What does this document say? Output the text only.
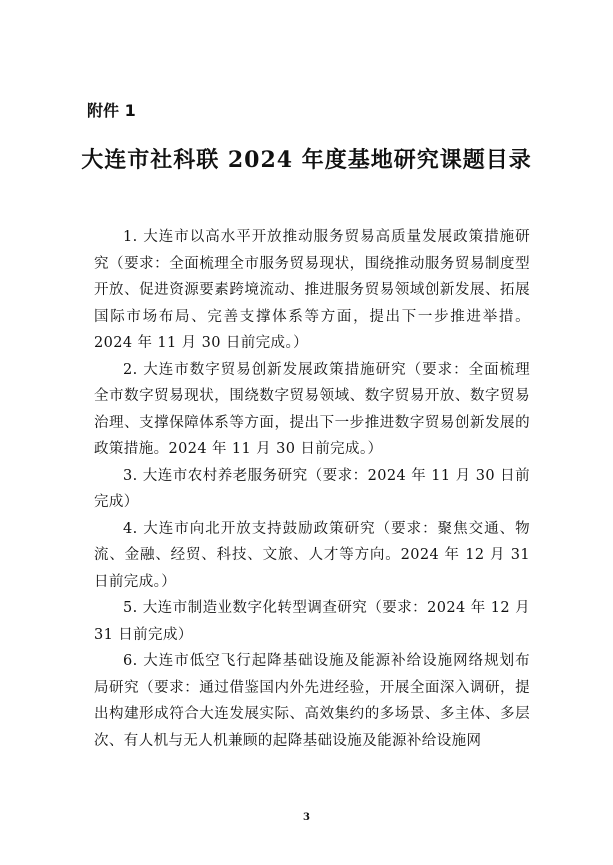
附件 1
大连市社科联 2024 年度基地研究课题目录

1. 大连市以高水平开放推动服务贸易高质量发展政策措施研究（要求：全面梳理全市服务贸易现状，围绕推动服务贸易制度型开放、促进资源要素跨境流动、推进服务贸易领域创新发展、拓展国际市场布局、完善支撑体系等方面，提出下一步推进举措。2024 年 11 月 30 日前完成。）

2. 大连市数字贸易创新发展政策措施研究（要求：全面梳理全市数字贸易现状，围绕数字贸易领域、数字贸易开放、数字贸易治理、支撑保障体系等方面，提出下一步推进数字贸易创新发展的政策措施。2024 年 11 月 30 日前完成。）

3. 大连市农村养老服务研究（要求：2024 年 11 月 30 日前完成）

4. 大连市向北开放支持鼓励政策研究（要求：聚焦交通、物流、金融、经贸、科技、文旅、人才等方向。2024 年 12 月 31 日前完成。）

5. 大连市制造业数字化转型调查研究（要求：2024 年 12 月 31 日前完成）

6. 大连市低空飞行起降基础设施及能源补给设施网络规划布局研究（要求：通过借鉴国内外先进经验，开展全面深入调研，提出构建形成符合大连发展实际、高效集约的多场景、多主体、多层次、有人机与无人机兼顾的起降基础设施及能源补给设施网

3
